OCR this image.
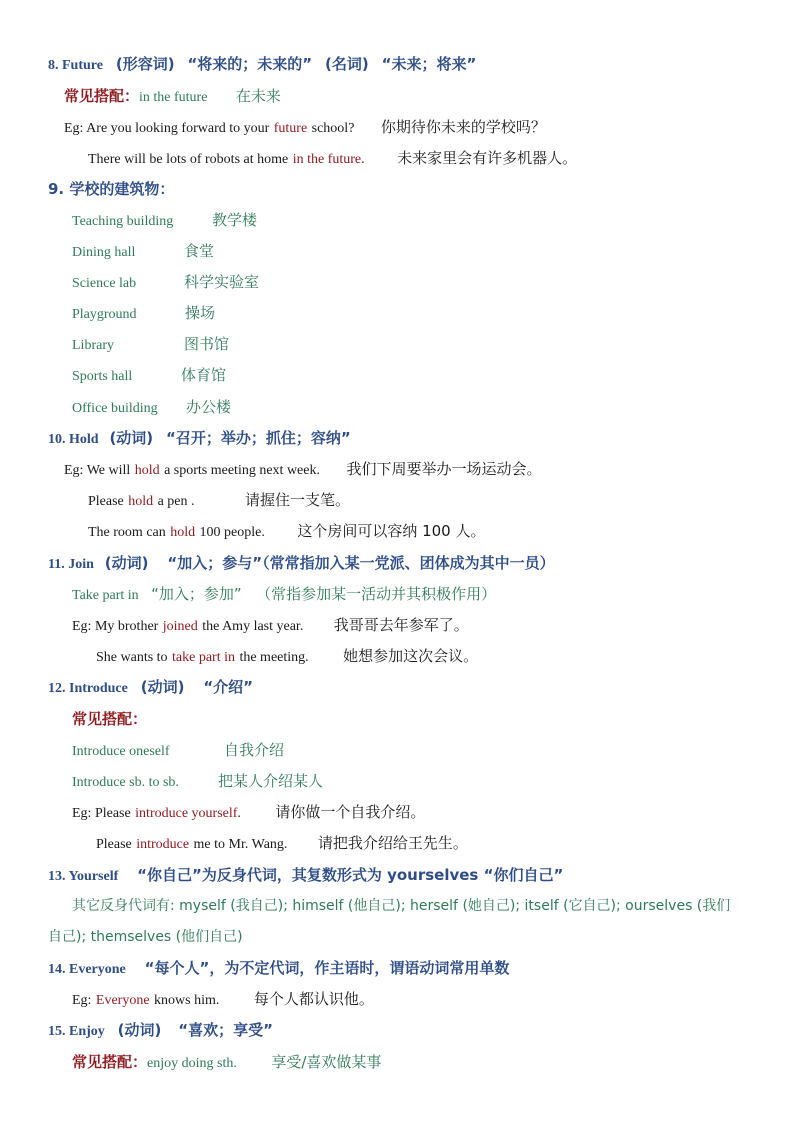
8. Future (形容词) “将来的；未来的” (名词) “未来；将来”
常见搭配：in the future 在未来
Eg: Are you looking forward to your future school? 你期待你未来的学校吗？
There will be lots of robots at home in the future. 未来家里会有许多机器人。
9. 学校的建筑物：
Teaching building	教学楼
Dining hall	食堂
Science lab	科学实验室
Playground	操场
Library	图书馆
Sports hall	体育馆
Office building 办公楼
10. Hold (动词) “召开；举办；抓住；容纳”
Eg: We will hold a sports meeting next week. 我们下周要举办一场运动会。
Please hold a pen .	请握住一支笔。
The room can hold 100 people. 这个房间可以容纳 100 人。
11. Join (动词) “加入；参与”（常常指加入某一党派、团体成为其中一员）
Take part in “加入；参加” （常指参加某一活动并其积极作用）
Eg: My brother joined the Amy last year. 我哥哥去年参军了。
She wants to take part in the meeting. 她想参加这次会议。
12. Introduce (动词) “介绍”
常见搭配：
Introduce oneself	自我介绍
Introduce sb. to sb.	把某人介绍某人
Eg: Please introduce yourself. 请你做一个自我介绍。
Please introduce me to Mr. Wang. 请把我介绍给王先生。
13. Yourself “你自己”为反身代词，其复数形式为 yourselves “你们自己”
其它反身代词有: myself (我自己); himself (他自己); herself (她自己); itself (它自己); ourselves (我们
自己); themselves (他们自己)
14. Everyone “每个人”，为不定代词，作主语时，谓语动词常用单数
Eg: Everyone knows him. 每个人都认识他。
15. Enjoy (动词) “喜欢；享受”
常见搭配：enjoy doing sth. 享受/喜欢做某事
